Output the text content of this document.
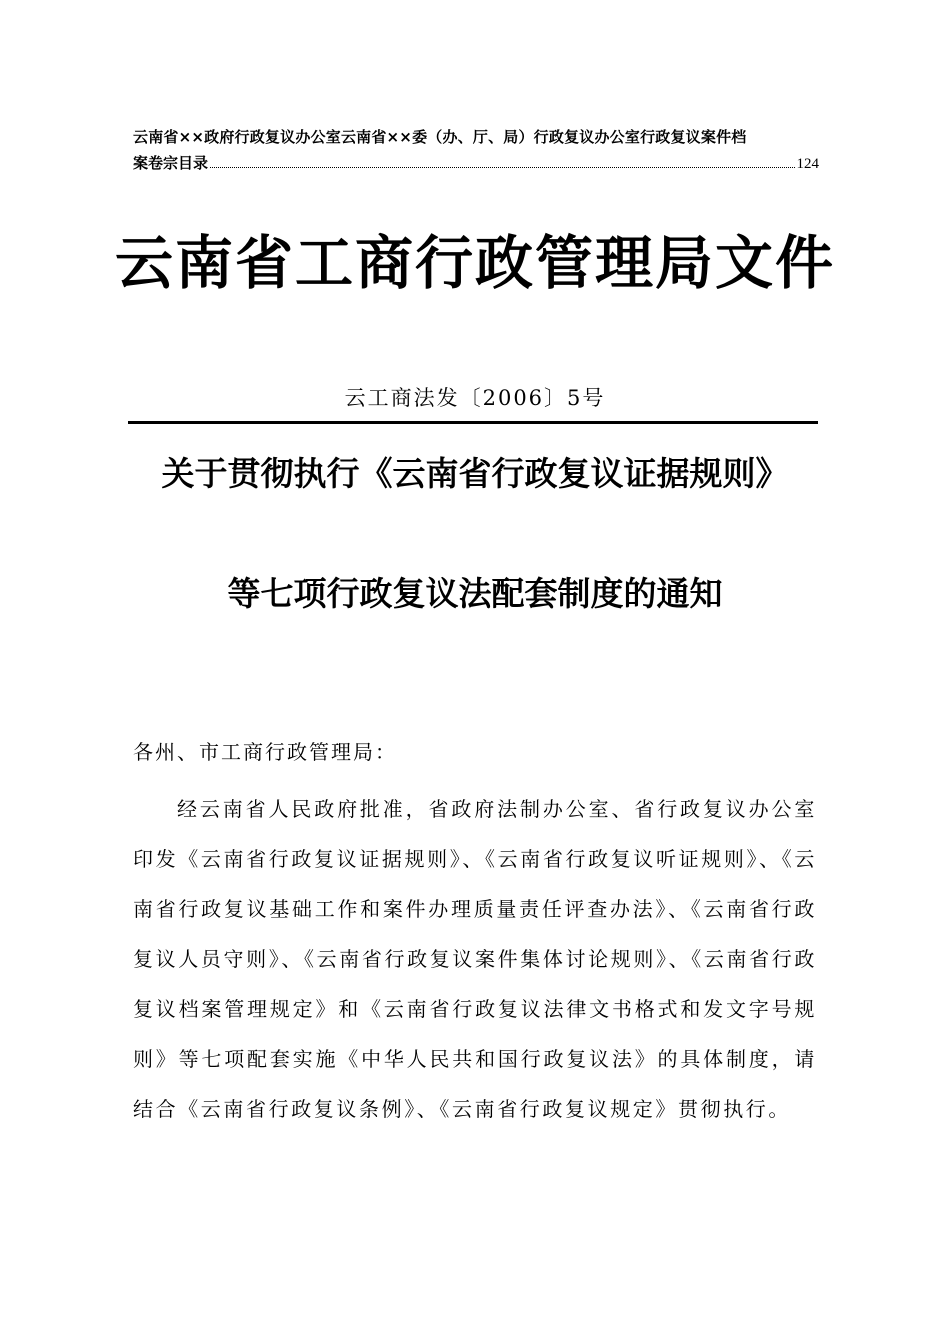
云南省××政府行政复议办公室云南省××委（办、厅、局）行政复议办公室行政复议案件档
案卷宗目录	124
云南省工商行政管理局文件
云工商法发〔2006〕5号
关于贯彻执行《云南省行政复议证据规则》
等七项行政复议法配套制度的通知
各州、市工商行政管理局：
经云南省人民政府批准，省政府法制办公室、省行政复议办公室印发《云南省行政复议证据规则》、《云南省行政复议听证规则》、《云南省行政复议基础工作和案件办理质量责任评查办法》、《云南省行政复议人员守则》、《云南省行政复议案件集体讨论规则》、《云南省行政复议档案管理规定》和《云南省行政复议法律文书格式和发文字号规则》等七项配套实施《中华人民共和国行政复议法》的具体制度，请结合《云南省行政复议条例》、《云南省行政复议规定》贯彻执行。
